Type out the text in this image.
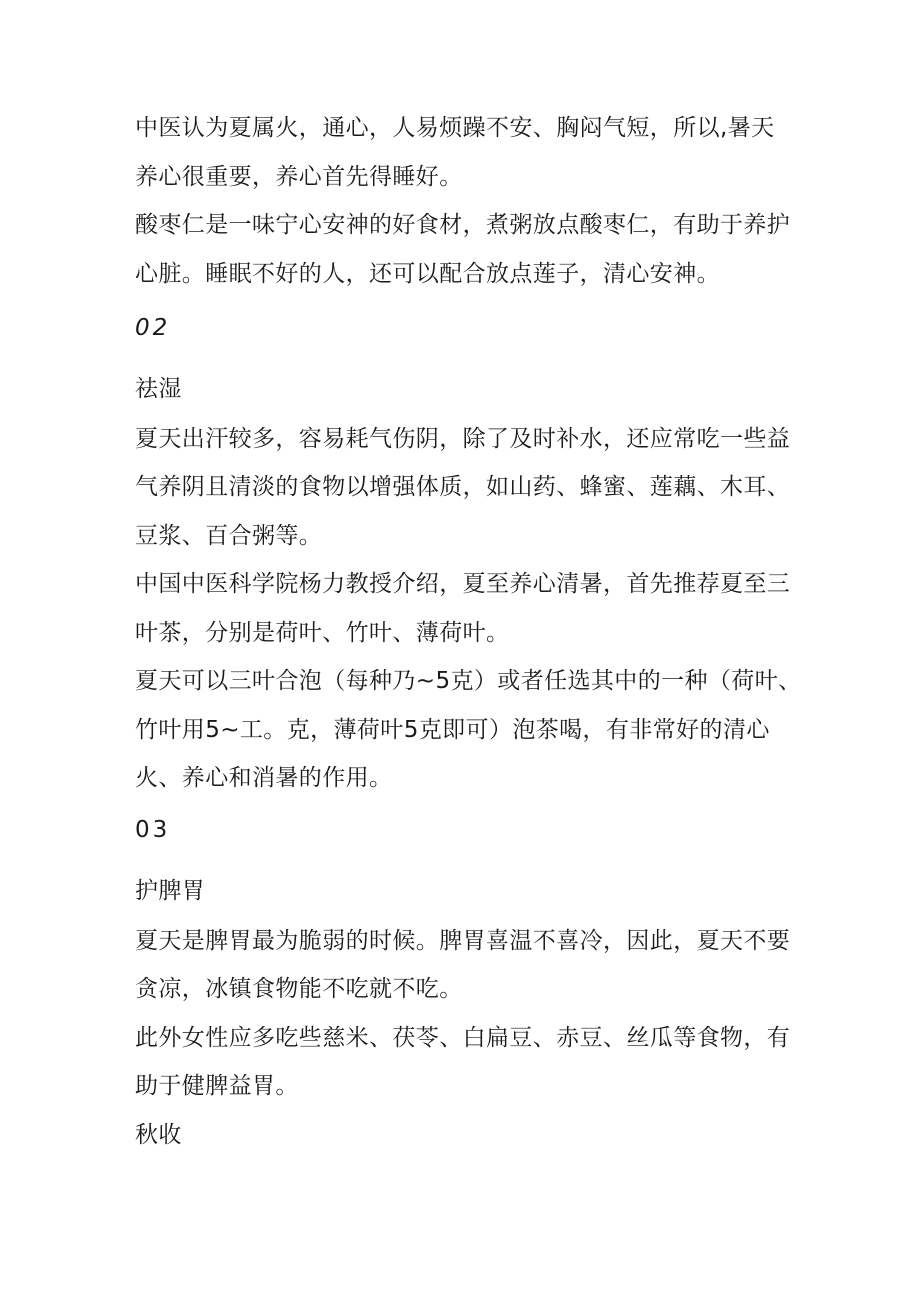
中医认为夏属火，通心，人易烦躁不安、胸闷气短，所以,暑天
养心很重要，养心首先得睡好。
酸枣仁是一味宁心安神的好食材，煮粥放点酸枣仁，有助于养护
心脏。睡眠不好的人，还可以配合放点莲子，清心安神。
02
祛湿
夏天出汗较多，容易耗气伤阴，除了及时补水，还应常吃一些益
气养阴且清淡的食物以增强体质，如山药、蜂蜜、莲藕、木耳、
豆浆、百合粥等。
中国中医科学院杨力教授介绍，夏至养心清暑，首先推荐夏至三
叶茶，分别是荷叶、竹叶、薄荷叶。
夏天可以三叶合泡（每种乃~5克）或者任选其中的一种（荷叶、
竹叶用5~工。克，薄荷叶5克即可）泡茶喝，有非常好的清心
火、养心和消暑的作用。
03
护脾胃
夏天是脾胃最为脆弱的时候。脾胃喜温不喜冷，因此，夏天不要
贪凉，冰镇食物能不吃就不吃。
此外女性应多吃些慈米、茯苓、白扁豆、赤豆、丝瓜等食物，有
助于健脾益胃。
秋收
